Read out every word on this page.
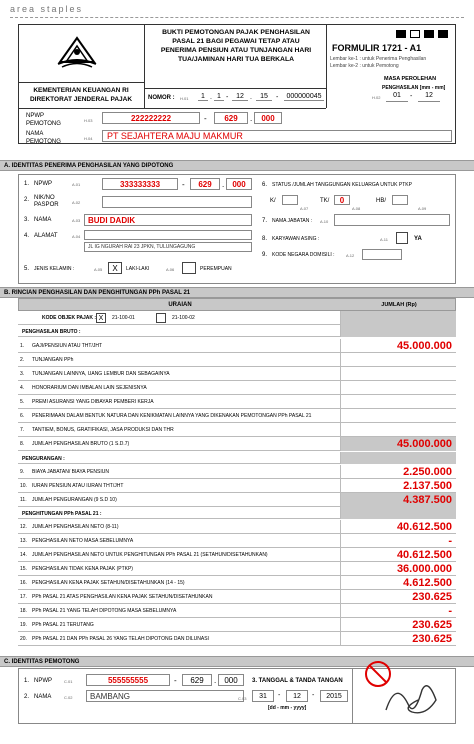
area staples
KEMENTERIAN KEUANGAN RI
DIREKTORAT JENDERAL PAJAK
BUKTI PEMOTONGAN PAJAK PENGHASILAN
PASAL 21 BAGI PEGAWAI TETAP ATAU
PENERIMA PENSIUN ATAU TUNJANGAN HARI
TUA/JAMINAN HARI TUA BERKALA
FORMULIR 1721 - A1
Lembar ke-1 : untuk Penerima Penghasilan
Lembar ke-2 : untuk Pemotong
MASA PEROLEHAN
PENGHASILAN [mm - mm]
H.02	01	-	12
NOMOR : H.01	1 . 1 -	12 .	15	-	000000045
NPWP
PEMOTONG
H.03	222222222	-	629	.	000
NAMA
PEMOTONG
H.04	PT SEJAHTERA MAJU MAKMUR
A. IDENTITAS PENERIMA PENGHASILAN YANG DIPOTONG
1. NPWP	A.01	333333333	-	629	.	000
2. NIK/NO
PASPOR	A.02
3. NAMA	A.03 BUDI DADIK
4. ALAMAT	A.04
JL IG NGURAH RAI 23 JPKN, TULUNGAGUNG
5. JENIS KELAMIN :	A.05	X	LAKI-LAKI	A.06	PEREMPUAN
6. STATUS /JUMLAH TANGGUNGAN KELUARGA UNTUK PTKP
K/
A.07
TK/	0
A.08
HB/
A.09
7. NAMA JABATAN : A.10
8. KARYAWAN ASING :	A.11	YA
9. KODE NEGARA DOMISILI :	A.12
B. RINCIAN PENGHASILAN DAN PENGHITUNGAN PPh PASAL 21
URAIAN	JUMLAH (Rp)
KODE OBJEK PAJAK : X	21-100-01	21-100-02
PENGHASILAN BRUTO :
1. GAJI/PENSIUN ATAU THT/JHT	45.000.000
2. TUNJANGAN PPh
3. TUNJANGAN LAINNYA, UANG LEMBUR DAN SEBAGAINYA
4. HONORARIUM DAN IMBALAN LAIN SEJENISNYA
5. PREMI ASURANSI YANG DIBAYAR PEMBERI KERJA
6. PENERIMAAN DALAM BENTUK NATURA DAN KENIKMATAN LAINNYA YANG DIKENAKAN PEMOTONGAN PPh PASAL 21
7. TANTIEM, BONUS, GRATIFIKASI, JASA PRODUKSI DAN THR
8. JUMLAH PENGHASILAN BRUTO (1 S.D.7)	45.000.000
PENGURANGAN :
9. BIAYA JABATAN/ BIAYA PENSIUN	2.250.000
10. IURAN PENSIUN ATAU IURAN THT/JHT	2.137.500
11. JUMLAH PENGURANGAN (9 S.D 10)	4.387.500
PENGHITUNGAN PPh PASAL 21 :
12. JUMLAH PENGHASILAN NETO (8-11)	40.612.500
13. PENGHASILAN NETO MASA SEBELUMNYA	-
14. JUMLAH PENGHASILAN NETO UNTUK PENGHITUNGAN PPh PASAL 21 (SETAHUN/DISETAHUNKAN)	40.612.500
15. PENGHASILAN TIDAK KENA PAJAK (PTKP)	36.000.000
16. PENGHASILAN KENA PAJAK SETAHUN/DISETAHUNKAN (14 - 15)	4.612.500
17. PPh PASAL 21 ATAS PENGHASILAN KENA PAJAK SETAHUN/DISETAHUNKAN	230.625
18. PPh PASAL 21 YANG TELAH DIPOTONG MASA SEBELUMNYA	-
19. PPh PASAL 21 TERUTANG	230.625
20. PPh PASAL 21 DAN PPh PASAL 26 YANG TELAH DIPOTONG DAN DILUNASI	230.625
C. IDENTITAS PEMOTONG
1. NPWP	C.01	555555555	-	629	.	000
2. NAMA	C.02	BAMBANG
3. TANGGAL & TANDA TANGAN
C.03	31	-	12	-	2015
[dd - mm - yyyy]
